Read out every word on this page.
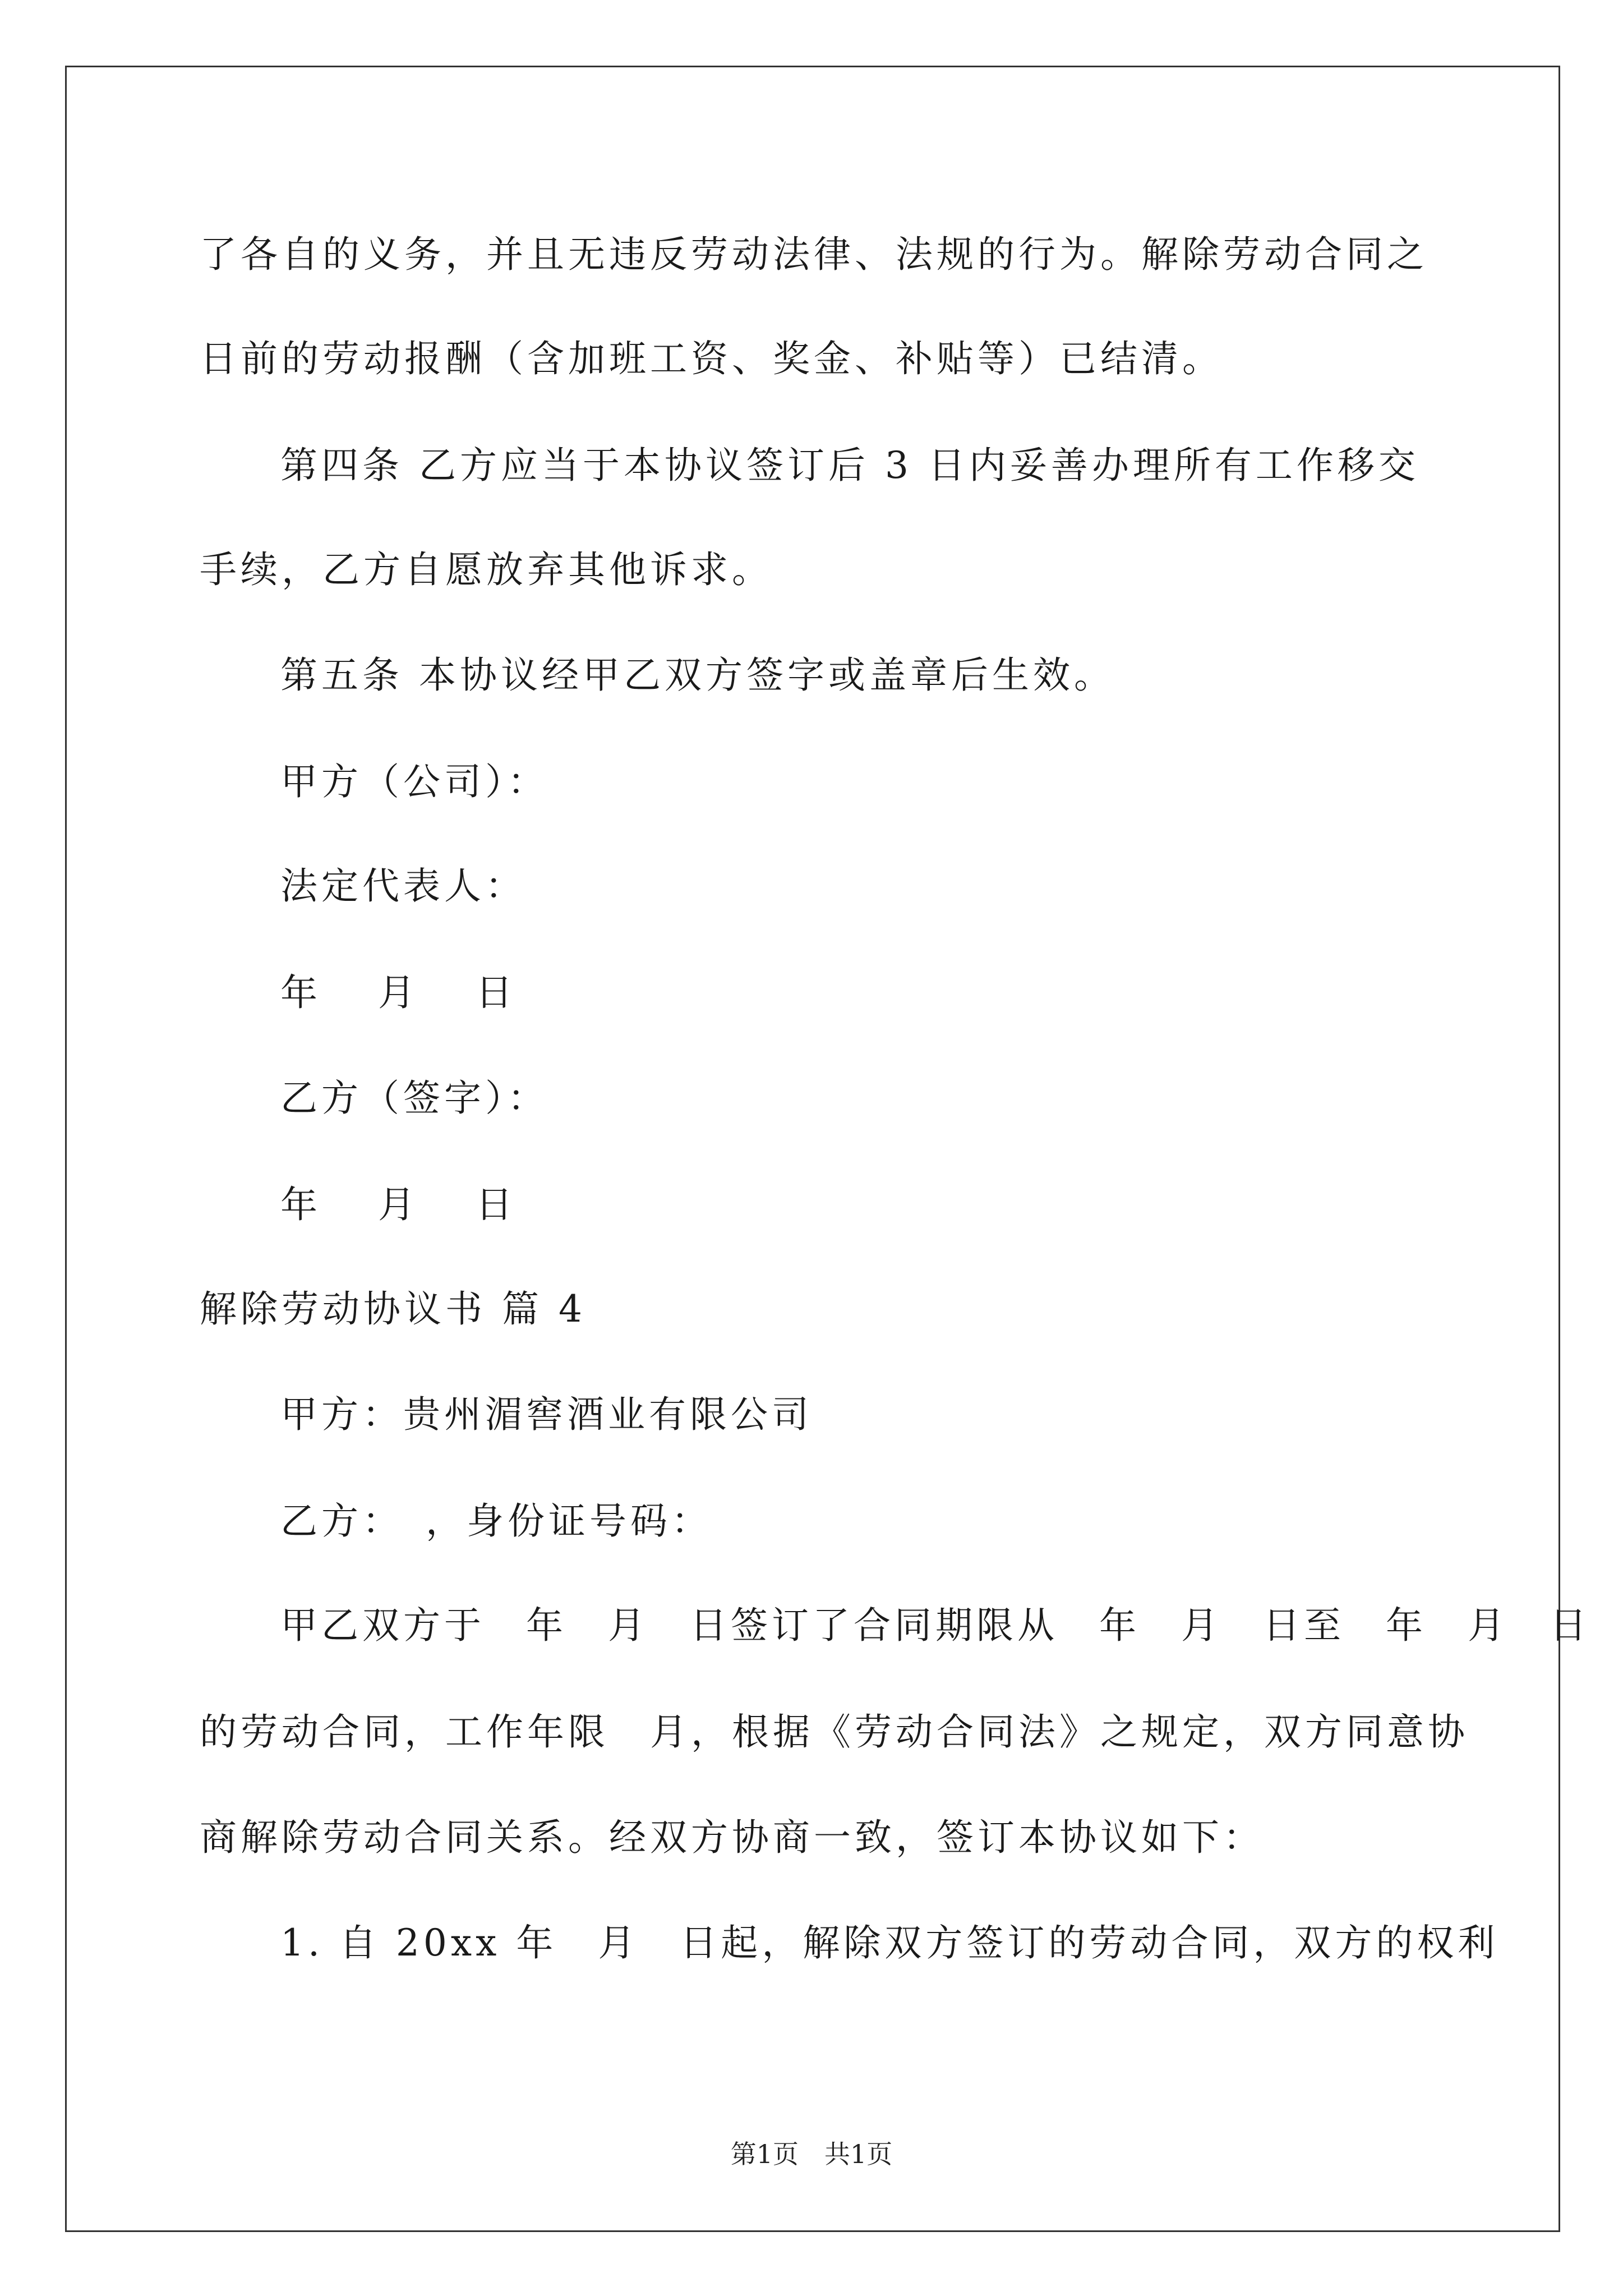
了各自的义务，并且无违反劳动法律、法规的行为。解除劳动合同之
日前的劳动报酬（含加班工资、奖金、补贴等）已结清。
第四条 乙方应当于本协议签订后 3 日内妥善办理所有工作移交
手续，乙方自愿放弃其他诉求。
第五条 本协议经甲乙双方签字或盖章后生效。
甲方（公司）：
法定代表人：
年　 月 　日
乙方（签字）：
年　 月 　日
解除劳动协议书 篇 4
甲方：贵州湄窖酒业有限公司
乙方：　，身份证号码：
甲乙双方于　年　月　日签订了合同期限从　年　月　日至　年　月　日
的劳动合同，工作年限　月，根据《劳动合同法》之规定，双方同意协
商解除劳动合同关系。经双方协商一致，签订本协议如下：
1. 自 20xx 年　月　日起，解除双方签订的劳动合同，双方的权利
第1页　共1页
